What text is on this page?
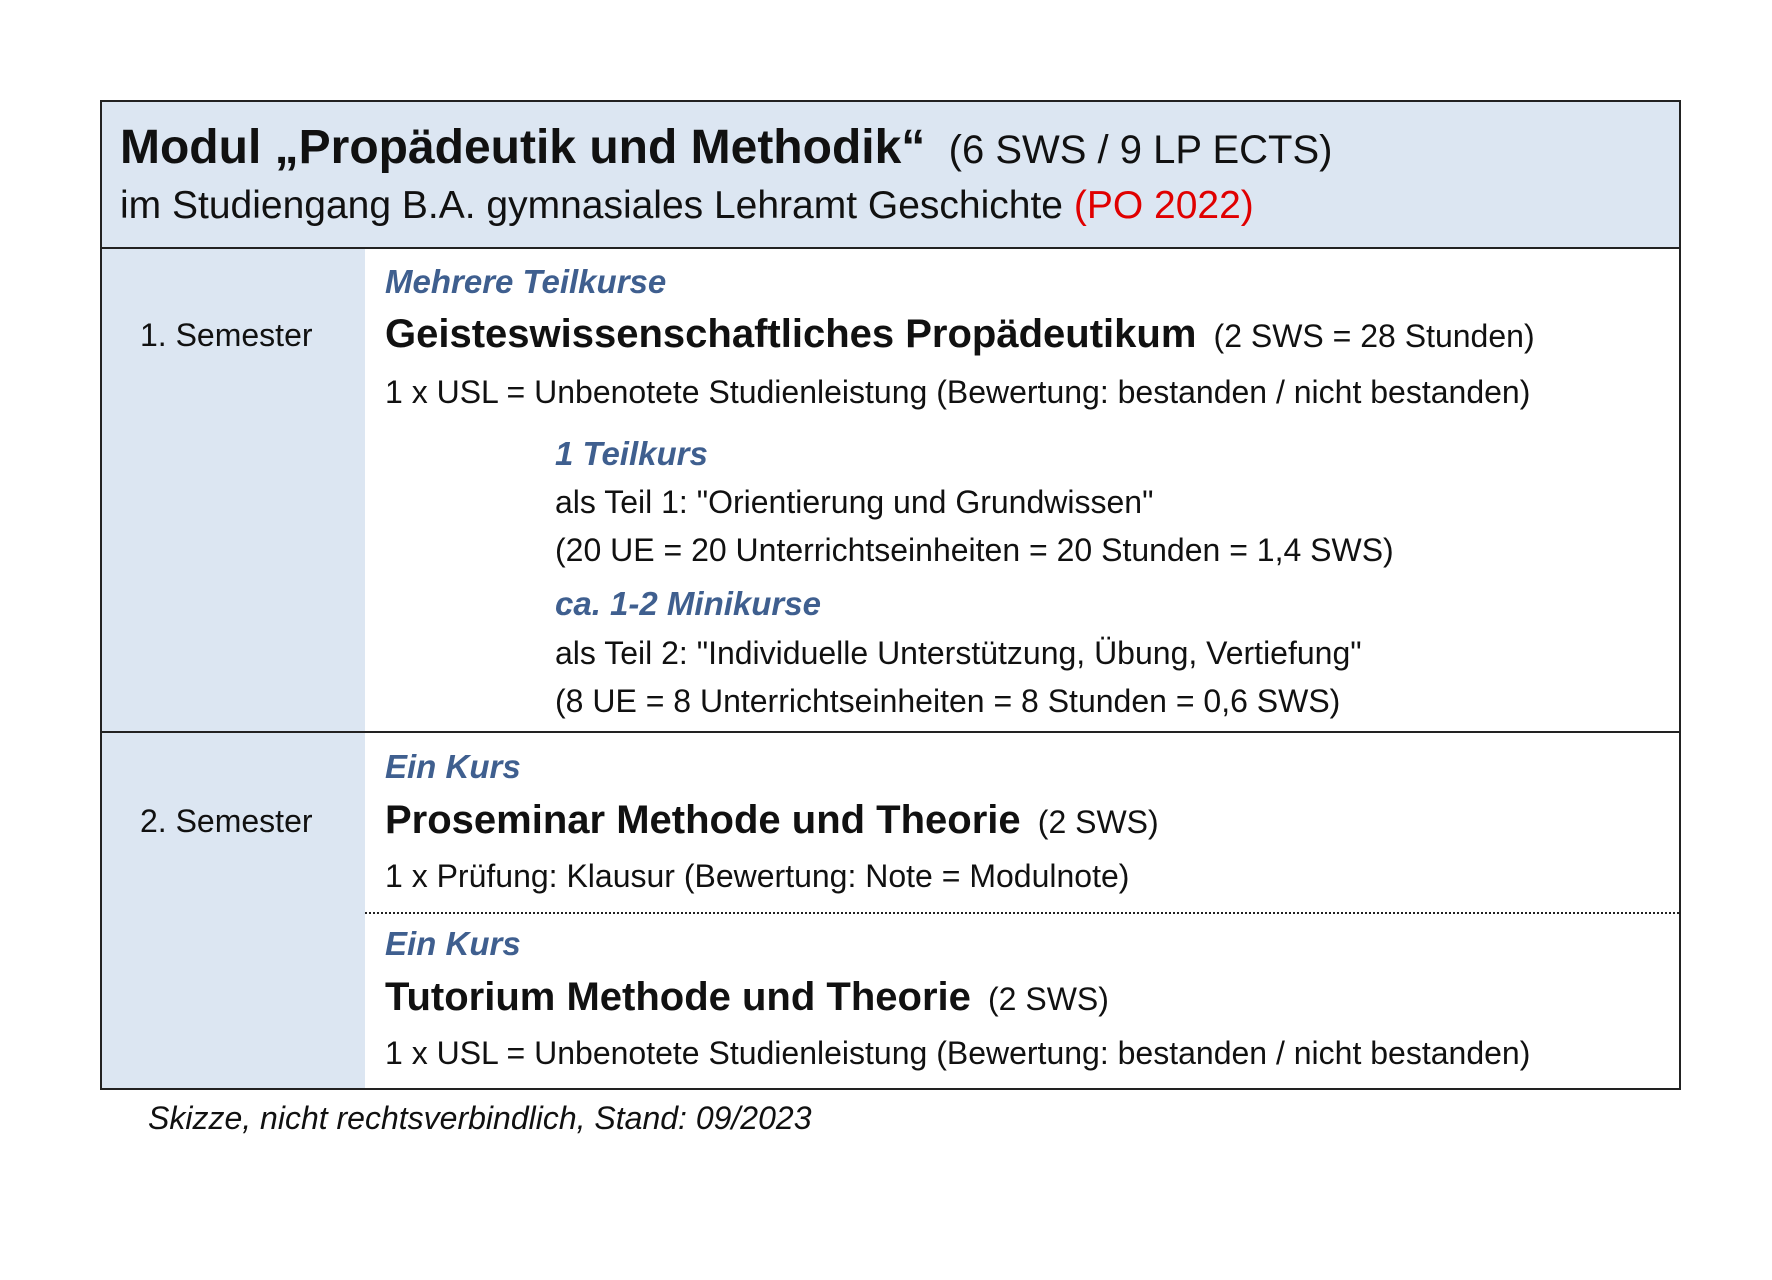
Modul „Propädeutik und Methodik“ (6 SWS / 9 LP ECTS)
im Studiengang B.A. gymnasiales Lehramt Geschichte (PO 2022)
1. Semester
Mehrere Teilkurse
Geisteswissenschaftliches Propädeutikum (2 SWS = 28 Stunden)
1 x USL = Unbenotete Studienleistung (Bewertung: bestanden / nicht bestanden)
1 Teilkurs
als Teil 1: "Orientierung und Grundwissen"
(20 UE = 20 Unterrichtseinheiten = 20 Stunden = 1,4 SWS)
ca. 1-2 Minikurse
als Teil 2: "Individuelle Unterstützung, Übung, Vertiefung"
(8 UE = 8 Unterrichtseinheiten = 8 Stunden = 0,6 SWS)
2. Semester
Ein Kurs
Proseminar Methode und Theorie (2 SWS)
1 x Prüfung: Klausur (Bewertung: Note = Modulnote)
Ein Kurs
Tutorium Methode und Theorie (2 SWS)
1 x USL = Unbenotete Studienleistung (Bewertung: bestanden / nicht bestanden)
Skizze, nicht rechtsverbindlich, Stand: 09/2023
